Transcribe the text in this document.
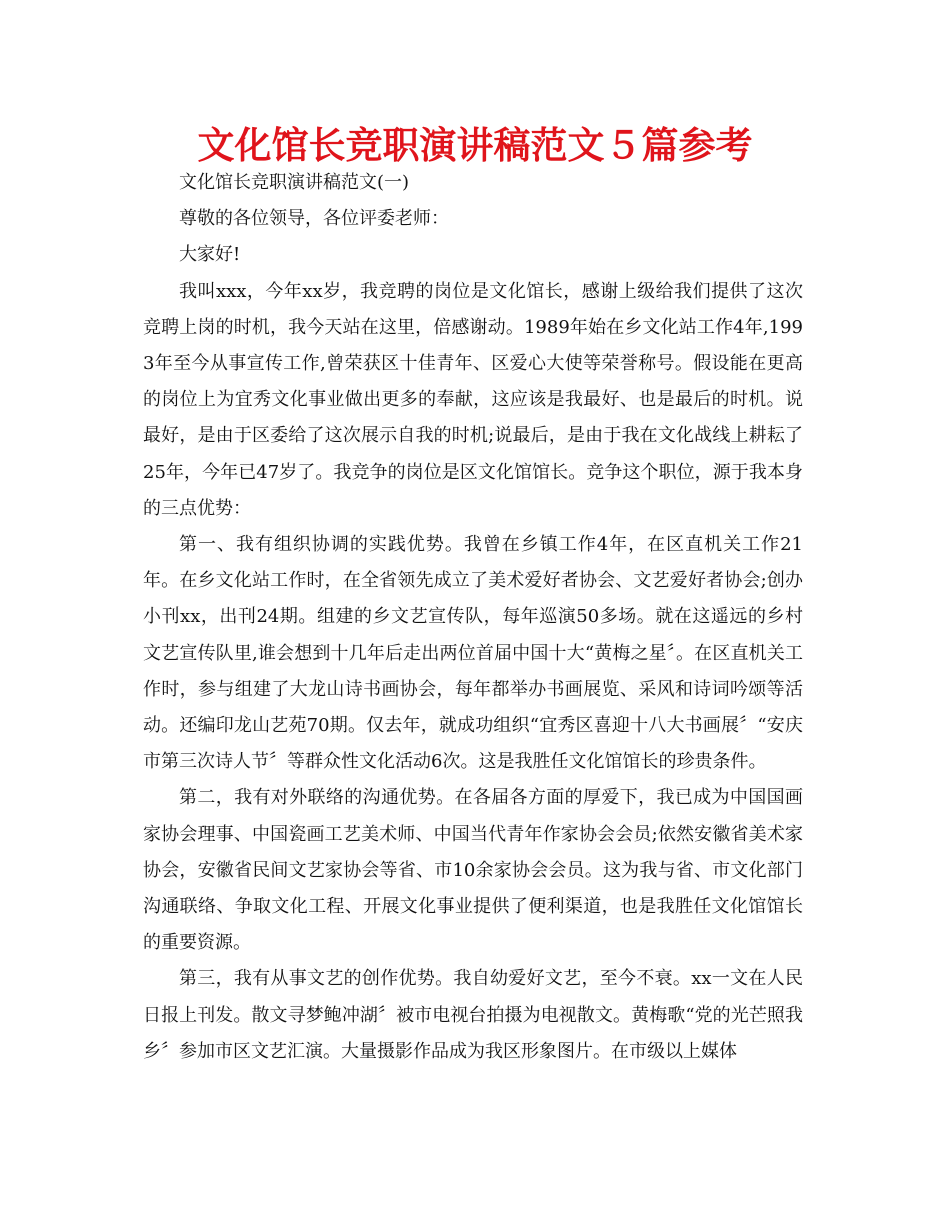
文化馆长竞职演讲稿范文５篇参考

文化馆长竞职演讲稿范文(一)

尊敬的各位领导，各位评委老师：

大家好!

我叫xxx，今年xx岁，我竞聘的岗位是文化馆长，感谢上级给我们提供了这次竞聘上岗的时机，我今天站在这里，倍感谢动。1989年始在乡文化站工作4年,1993年至今从事宣传工作,曾荣获区十佳青年、区爱心大使等荣誉称号。假设能在更高的岗位上为宜秀文化事业做出更多的奉献，这应该是我最好、也是最后的时机。说最好，是由于区委给了这次展示自我的时机;说最后，是由于我在文化战线上耕耘了25年，今年已47岁了。我竞争的岗位是区文化馆馆长。竞争这个职位，源于我本身的三点优势：

第一、我有组织协调的实践优势。我曾在乡镇工作4年，在区直机关工作21年。在乡文化站工作时，在全省领先成立了美术爱好者协会、文艺爱好者协会;创办小刊xx，出刊24期。组建的乡文艺宣传队，每年巡演50多场。就在这遥远的乡村文艺宣传队里,谁会想到十几年后走出两位首届中国十大“黄梅之星〞。在区直机关工作时，参与组建了大龙山诗书画协会，每年都举办书画展览、采风和诗词吟颂等活动。还编印龙山艺苑70期。仅去年，就成功组织“宜秀区喜迎十八大书画展〞“安庆市第三次诗人节〞等群众性文化活动6次。这是我胜任文化馆馆长的珍贵条件。

第二，我有对外联络的沟通优势。在各届各方面的厚爱下，我已成为中国国画家协会理事、中国瓷画工艺美术师、中国当代青年作家协会会员;依然安徽省美术家协会，安徽省民间文艺家协会等省、市10余家协会会员。这为我与省、市文化部门沟通联络、争取文化工程、开展文化事业提供了便利渠道，也是我胜任文化馆馆长的重要资源。

第三，我有从事文艺的创作优势。我自幼爱好文艺，至今不衰。xx一文在人民日报上刊发。散文寻梦鲍冲湖〞被市电视台拍摄为电视散文。黄梅歌“党的光芒照我乡〞参加市区文艺汇演。大量摄影作品成为我区形象图片。在市级以上媒体
